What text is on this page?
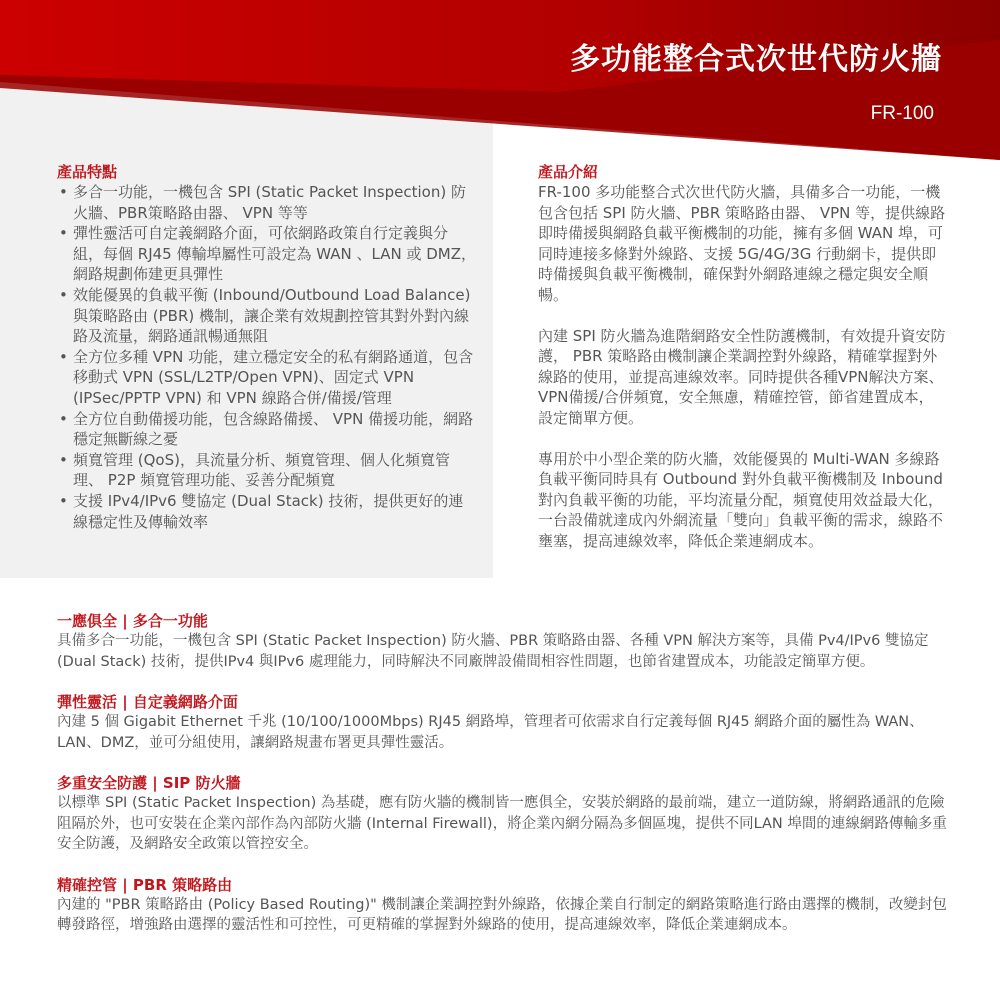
多功能整合式次世代防火牆
FR-100
產品特點
• 多合一功能，一機包含 SPI (Static Packet Inspection) 防火牆、PBR策略路由器、 VPN 等等
• 彈性靈活可自定義網路介面，可依網路政策自行定義與分組，每個 RJ45 傳輸埠屬性可設定為 WAN 、LAN 或 DMZ，網路規劃佈建更具彈性
• 效能優異的負載平衡 (Inbound/Outbound Load Balance) 與策略路由 (PBR) 機制，讓企業有效規劃控管其對外對內線路及流量，網路通訊暢通無阻
• 全方位多種 VPN 功能，建立穩定安全的私有網路通道，包含移動式 VPN (SSL/L2TP/Open VPN)、固定式 VPN (IPSec/PPTP VPN) 和 VPN 線路合併/備援/管理
• 全方位自動備援功能，包含線路備援、 VPN 備援功能，網路穩定無斷線之憂
• 頻寬管理 (QoS)，具流量分析、頻寬管理、個人化頻寬管理、 P2P 頻寬管理功能、妥善分配頻寬
• 支援 IPv4/IPv6 雙協定 (Dual Stack) 技術，提供更好的連線穩定性及傳輸效率
產品介紹

FR-100 多功能整合式次世代防火牆，具備多合一功能，一機包含包括 SPI 防火牆、PBR 策略路由器、 VPN 等，提供線路即時備援與網路負載平衡機制的功能，擁有多個 WAN 埠，可同時連接多條對外線路、支援 5G/4G/3G 行動網卡，提供即時備援與負載平衡機制，確保對外網路連線之穩定與安全順暢。

內建 SPI 防火牆為進階網路安全性防護機制，有效提升資安防護， PBR 策略路由機制讓企業調控對外線路，精確掌握對外線路的使用，並提高連線效率。同時提供各種VPN解決方案、VPN備援/合併頻寬，安全無慮，精確控管，節省建置成本，設定簡單方便。

專用於中小型企業的防火牆，效能優異的 Multi-WAN 多線路負載平衡同時具有 Outbound 對外負載平衡機制及 Inbound 對內負載平衡的功能，平均流量分配，頻寬使用效益最大化，一台設備就達成內外網流量「雙向」負載平衡的需求，線路不壅塞，提高連線效率，降低企業連網成本。

一應俱全 | 多合一功能

具備多合一功能，一機包含 SPI (Static Packet Inspection) 防火牆、PBR 策略路由器、各種 VPN 解決方案等，具備 Pv4/IPv6 雙協定 (Dual Stack) 技術，提供IPv4 與IPv6 處理能力，同時解決不同廠牌設備間相容性問題，也節省建置成本，功能設定簡單方便。

彈性靈活 | 自定義網路介面

內建 5 個 Gigabit Ethernet 千兆 (10/100/1000Mbps) RJ45 網路埠，管理者可依需求自行定義每個 RJ45 網路介面的屬性為 WAN、LAN、DMZ，並可分組使用，讓網路規畫布署更具彈性靈活。

多重安全防護 | SIP 防火牆

以標準 SPI (Static Packet Inspection) 為基礎，應有防火牆的機制皆一應俱全，安裝於網路的最前端，建立一道防線，將網路通訊的危險阻隔於外，也可安裝在企業內部作為內部防火牆 (Internal Firewall)，將企業內網分隔為多個區塊，提供不同LAN 埠間的連線網路傳輸多重安全防護，及網路安全政策以管控安全。

精確控管 | PBR 策略路由

內建的 "PBR 策略路由 (Policy Based Routing)" 機制讓企業調控對外線路，依據企業自行制定的網路策略進行路由選擇的機制，改變封包轉發路徑，增強路由選擇的靈活性和可控性，可更精確的掌握對外線路的使用，提高連線效率，降低企業連網成本。
